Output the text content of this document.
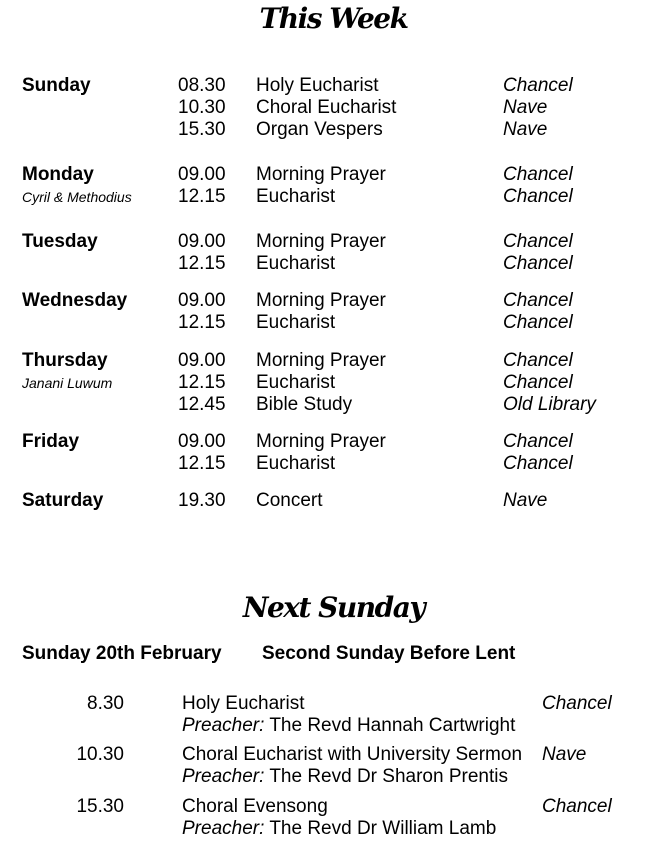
This Week
Sunday	08.30 Holy Eucharist	Chancel
10.30 Choral Eucharist	Nave
15.30 Organ Vespers	Nave
Monday	09.00 Morning Prayer	Chancel
12.15 Eucharist	Chancel
Cyril & Methodius
Tuesday	09.00 Morning Prayer	Chancel
12.15 Eucharist	Chancel
Wednesday	09.00 Morning Prayer	Chancel
12.15 Eucharist	Chancel
Thursday	09.00 Morning Prayer	Chancel
12.15 Eucharist	Chancel
12.45 Bible Study	Old Library
Janani Luwum
Friday	09.00 Morning Prayer	Chancel
12.15 Eucharist	Chancel
Saturday	19.30 Concert	Nave
Next Sunday
Sunday 20th February Second Sunday Before Lent
8.30	Holy Eucharist
Preacher: The Revd Hannah Cartwright
Chancel
10.30	Choral Eucharist with University Sermon
Preacher: The Revd Dr Sharon Prentis
Nave
15.30	Choral Evensong
Preacher: The Revd Dr William Lamb
Chancel
